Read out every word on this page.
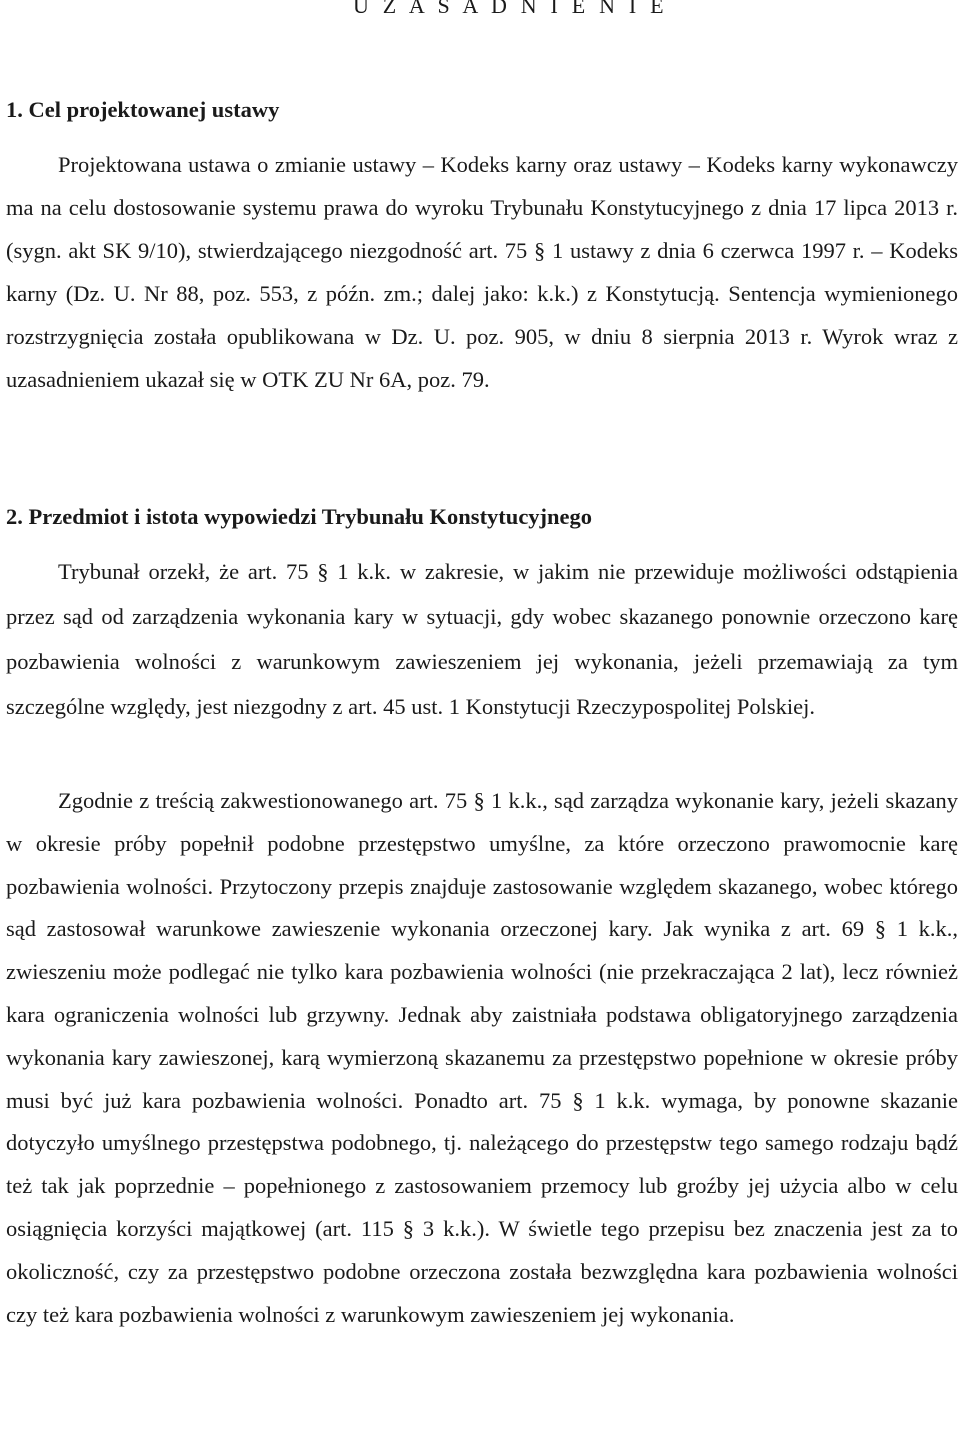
U Z A S A D N I E N I E
1. Cel projektowanej ustawy

Projektowana ustawa o zmianie ustawy – Kodeks karny oraz ustawy – Kodeks karny wykonawczy ma na celu dostosowanie systemu prawa do wyroku Trybunału Konstytucyjnego z dnia 17 lipca 2013 r. (sygn. akt SK 9/10), stwierdzającego niezgodność art. 75 § 1 ustawy z dnia 6 czerwca 1997 r. – Kodeks karny (Dz. U. Nr 88, poz. 553, z późn. zm.; dalej jako: k.k.) z Konstytucją. Sentencja wymienionego rozstrzygnięcia została opublikowana w Dz. U. poz. 905, w dniu 8 sierpnia 2013 r. Wyrok wraz z uzasadnieniem ukazał się w OTK ZU Nr 6A, poz. 79.

2. Przedmiot i istota wypowiedzi Trybunału Konstytucyjnego

Trybunał orzekł, że art. 75 § 1 k.k. w zakresie, w jakim nie przewiduje możliwości odstąpienia przez sąd od zarządzenia wykonania kary w sytuacji, gdy wobec skazanego ponownie orzeczono karę pozbawienia wolności z warunkowym zawieszeniem jej wykonania, jeżeli przemawiają za tym szczególne względy, jest niezgodny z art. 45 ust. 1 Konstytucji Rzeczypospolitej Polskiej.

Zgodnie z treścią zakwestionowanego art. 75 § 1 k.k., sąd zarządza wykonanie kary, jeżeli skazany w okresie próby popełnił podobne przestępstwo umyślne, za które orzeczono prawomocnie karę pozbawienia wolności. Przytoczony przepis znajduje zastosowanie względem skazanego, wobec którego sąd zastosował warunkowe zawieszenie wykonania orzeczonej kary. Jak wynika z art. 69 § 1 k.k., zwieszeniu może podlegać nie tylko kara pozbawienia wolności (nie przekraczająca 2 lat), lecz również kara ograniczenia wolności lub grzywny. Jednak aby zaistniała podstawa obligatoryjnego zarządzenia wykonania kary zawieszonej, karą wymierzoną skazanemu za przestępstwo popełnione w okresie próby musi być już kara pozbawienia wolności. Ponadto art. 75 § 1 k.k. wymaga, by ponowne skazanie dotyczyło umyślnego przestępstwa podobnego, tj. należącego do przestępstw tego samego rodzaju bądź też tak jak poprzednie – popełnionego z zastosowaniem przemocy lub groźby jej użycia albo w celu osiągnięcia korzyści majątkowej (art. 115 § 3 k.k.). W świetle tego przepisu bez znaczenia jest za to okoliczność, czy za przestępstwo podobne orzeczona została bezwzględna kara pozbawienia wolności czy też kara pozbawienia wolności z warunkowym zawieszeniem jej wykonania.
